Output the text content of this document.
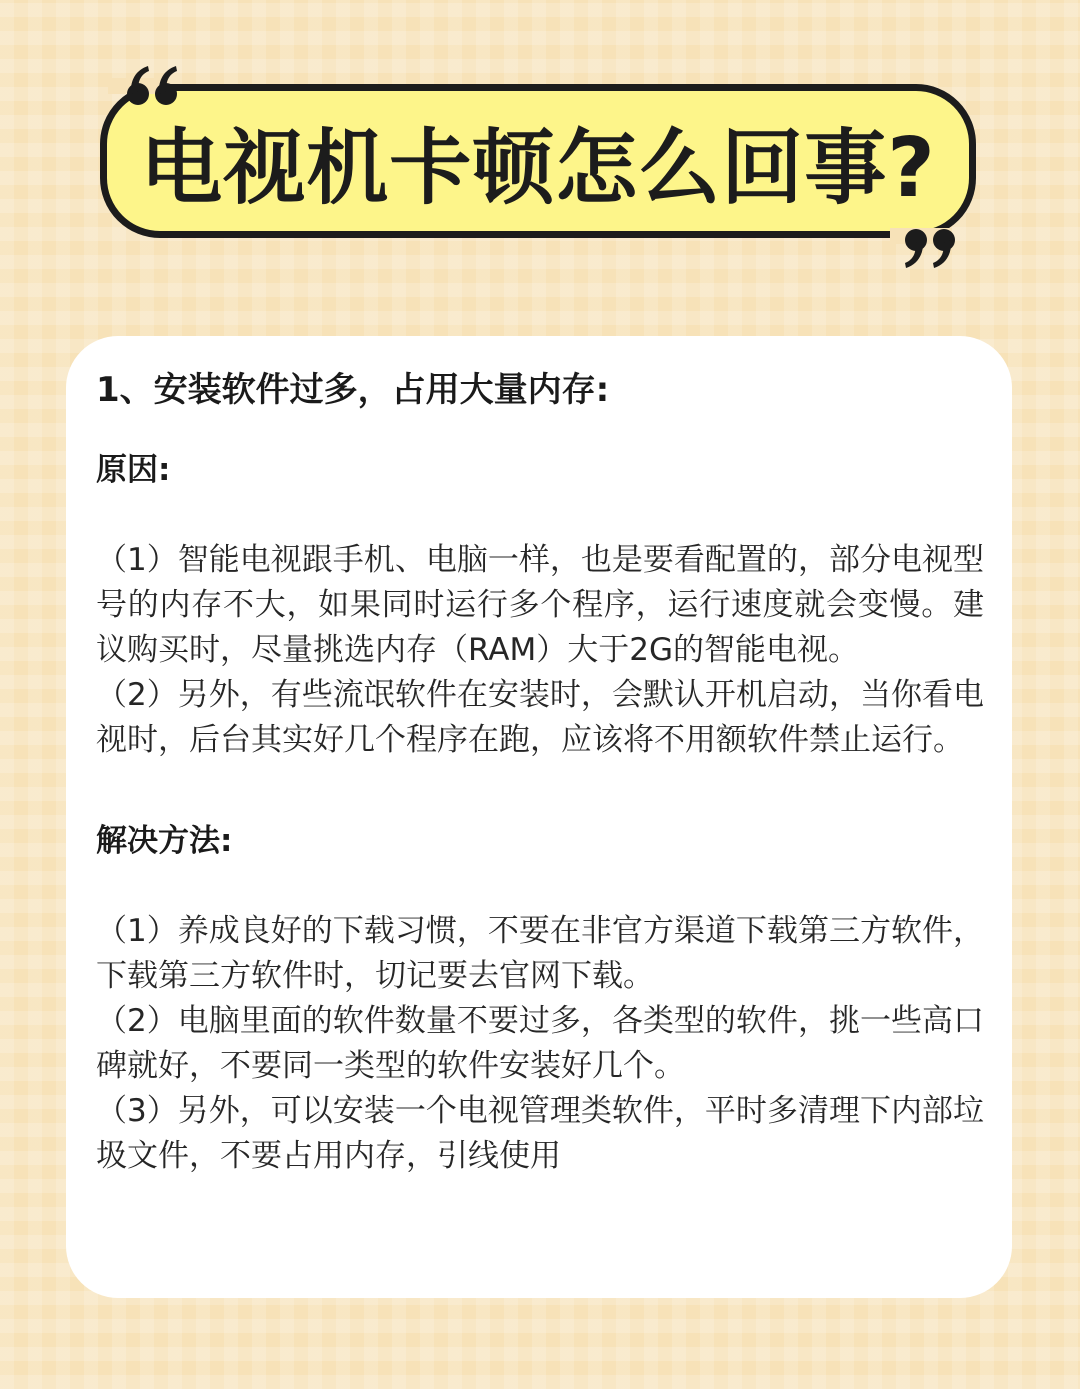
电视机卡顿怎么回事?
1、安装软件过多，占用大量内存:
原因:

（1）智能电视跟手机、电脑一样，也是要看配置的，部分电视型号的内存不大，如果同时运行多个程序，运行速度就会变慢。建议购买时，尽量挑选内存（RAM）大于2G的智能电视。

（2）另外，有些流氓软件在安装时，会默认开机启动，当你看电视时，后台其实好几个程序在跑，应该将不用额软件禁止运行。

解决方法:

（1）养成良好的下载习惯，不要在非官方渠道下载第三方软件，下载第三方软件时，切记要去官网下载。

（2）电脑里面的软件数量不要过多，各类型的软件，挑一些高口碑就好，不要同一类型的软件安装好几个。

（3）另外，可以安装一个电视管理类软件，平时多清理下内部垃圾文件，不要占用内存，引线使用
